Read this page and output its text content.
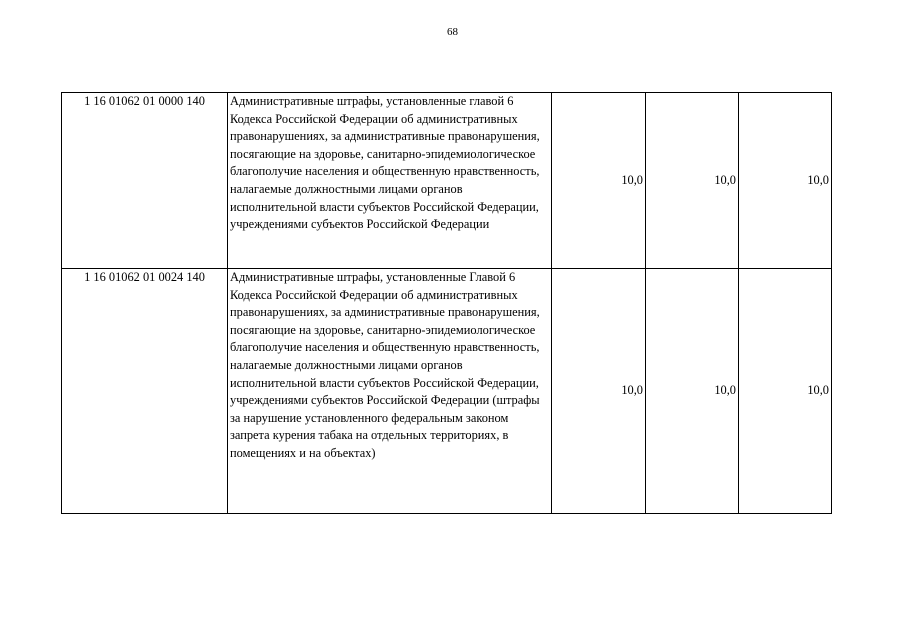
68
1 16 01062 01 0000 140	Административные штрафы, установленные главой 6 Кодекса Российской Федерации об административных правонарушениях, за административные правонарушения, посягающие на здоровье, санитарно-эпидемиологическое благополучие населения и общественную нравственность, налагаемые должностными лицами органов исполнительной власти субъектов Российской Федерации, учреждениями субъектов Российской Федерации	10,0	10,0	10,0
1 16 01062 01 0024 140	Административные штрафы, установленные Главой 6 Кодекса Российской Федерации об административных правонарушениях, за административные правонарушения, посягающие на здоровье, санитарно-эпидемиологическое благополучие населения и общественную нравственность, налагаемые должностными лицами органов исполнительной власти субъектов Российской Федерации, учреждениями субъектов Российской Федерации (штрафы за нарушение установленного федеральным законом запрета курения табака на отдельных территориях, в помещениях и на объектах)	10,0	10,0	10,0
